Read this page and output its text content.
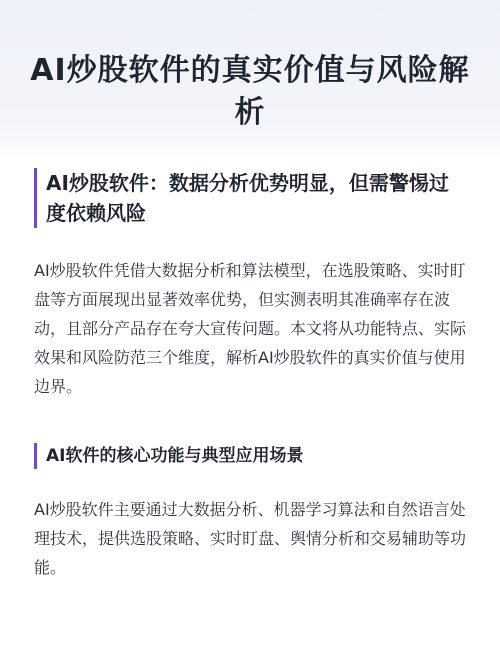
AI炒股软件的真实价值与风险解析
AI炒股软件：数据分析优势明显，但需警惕过度依赖风险

AI炒股软件凭借大数据分析和算法模型，在选股策略、实时盯盘等方面展现出显著效率优势，但实测表明其准确率存在波动，且部分产品存在夸大宣传问题。本文将从功能特点、实际效果和风险防范三个维度，解析AI炒股软件的真实价值与使用边界。

AI软件的核心功能与典型应用场景

AI炒股软件主要通过大数据分析、机器学习算法和自然语言处理技术，提供选股策略、实时盯盘、舆情分析和交易辅助等功能。
